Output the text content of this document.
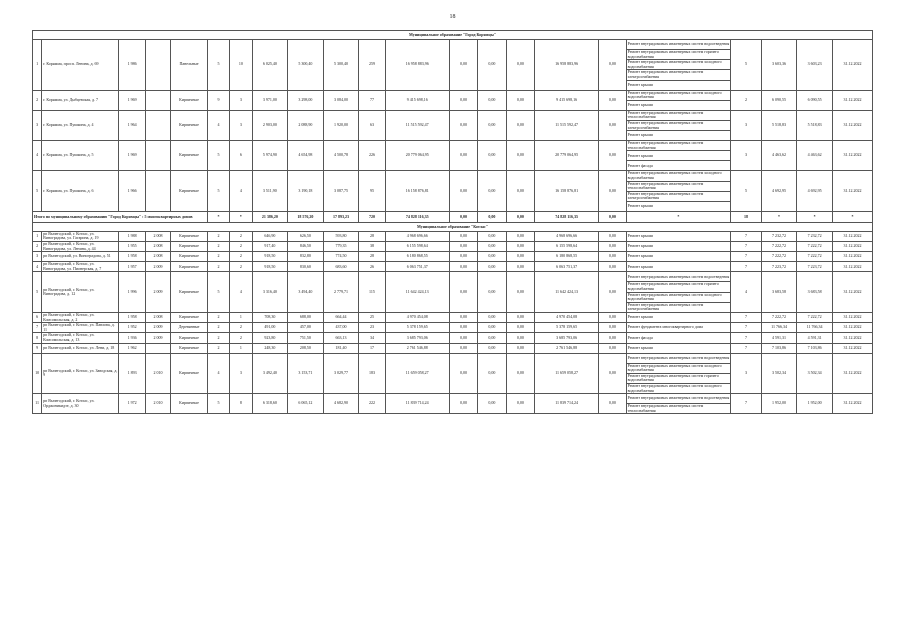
18
Муниципальное образование "Город Корямцы"																					
1	г. Коряжма, просп. Ленина, д. 69	1 986		Панельные	5	10	6 025,40	5 300,40	5 300,40	259	16 958 883,96	0,00	0,00	0,00	16 958 883,96	0,00	Ремонт внутридомовых инженерных систем водоотведения	5	3 603,36	3 603,23	31.12.2022
																	Ремонт внутридомовых инженерных систем горячего водоснабжения				
																	Ремонт внутридомовых инженерных систем холодного водоснабжения				
																	Ремонт внутридомовых инженерных систем электроснабжения				
																	Ремонт крыши				
2	г. Коряжма, ул. Дыбцевская, д. 7	1 969		Кирпичные	9	3	3 971,00	3 298,00	3 084,00	77	9 415 698,16	0,00	0,00	0,00	9 415 698,16	0,00	Ремонт внутридомовых инженерных систем холодного водоснабжения	2	6 090,55	6 090,55	31.12.2022
																	Ремонт крыши				
3	г. Коряжма, ул. Пушкина, д. 4	1 964		Кирпичные	4	3	2 903,00	2 088,90	1 920,00	63	11 515 592,47	0,00	0,00	0,00	11 515 592,47	0,00	Ремонт внутридомовых инженерных систем теплоснабжения	3	5 518,83	5 518,83	31.12.2022
																	Ремонт внутридомовых инженерных систем электроснабжения				
																	Ремонт крыши				
4	г. Коряжма, ул. Пушкина, д. 5	1 969		Кирпичные	5	6	5 974,90	4 654,98	4 500,78	226	20 779 064,95	0,00	0,00	0,00	20 779 064,95	0,00	Ремонт внутридомовых инженерных систем теплоснабжения	3	4 463,62	4 463,62	31.12.2022
																	Ремонт крыши				
																	Ремонт фасада				
5	г. Коряжма, ул. Пушкина, д. 6	1 966		Кирпичные	5	4	3 511,90	3 190,18	3 087,75	95	16 158 876,81	0,00	0,00	0,00	16 158 876,81	0,00	Ремонт внутридомовых инженерных систем холодного водоснабжения	5	4 692,95	4 692,95	31.12.2022
																	Ремонт внутридомовых инженерных систем теплоснабжения				
																	Ремонт внутридомовых инженерных систем электроснабжения				
																	Ремонт крыши				
Итого по муниципальному образованию "Город Корямцы" : 5 многоквартирных домов					*	*	21 386,20	18 576,20	17 893,23	720	74 828 116,35	0,00	0,00	0,00	74 828 116,35	0,00	*	18	*	*	*
Муниципальное образование "Котлас"																					
1	рп Вычегодский, г. Котлас, ул. Виноградова, ул. Гагарина, д. 19	1 988	2 008	Кирпичные	2	2	646,90	626,50	593,80	28	4 968 696,66	0,00	0,00	0,00	4 968 696,66	0,00	Ремонт крыши	7	7 232,72	7 232,72	31.12.2022
2	рп Вычегодский, г. Котлас, ул. Виноградова, ул. Ленина, д. 44	1 955	2 008	Кирпичные	2	2	917,40	846,50	779,35	38	6 155 598,64	0,00	0,00	0,00	6 155 598,64	0,00	Ремонт крыши	7	7 222,72	7 222,72	31.12.2022
3	рп Вычегодский, ул. Виноградова, д. 51	1 958	2 008	Кирпичные	2	2	918,50	832,80	774,50	28	6 180 868,55	0,00	0,00	0,00	6 180 868,55	0,00	Ремонт крыши	7	7 222,72	7 222,72	31.12.2022
4	рп Вычегодский, г. Котлас, ул. Виноградова, ул. Пионерская, д. 7	1 957	2 009	Кирпичные	2	2	918,50	830,60	683,60	26	6 063 751,37	0,00	0,00	0,00	6 063 751,37	0,00	Ремонт крыши	7	7 223,72	7 223,72	31.12.2022
5	рп Вычегодский, г. Котлас, ул. Виноградова, д. 12	1 996	2 009	Кирпичные	5	4	3 316,40	3 494,40	2 779,71	115	11 642 424,13	0,00	0,00	0,00	11 642 424,13	0,00	Ремонт внутридомовых инженерных систем водоотведения	4	3 683,58	3 683,58	31.12.2022
																	Ремонт внутридомовых инженерных систем горячего водоснабжения				
																	Ремонт внутридомовых инженерных систем холодного водоснабжения				
																	Ремонт внутридомовых инженерных систем электроснабжения				
6	рп Вычегодский, г. Котлас, ул. Комсомольская, д. 2	1 958	2 008	Кирпичные	2	1	708,30	688,00	664,44	25	4 970 454,08	0,00	0,00	0,00	4 970 454,08	0,00	Ремонт крыши	7	7 222,72	7 222,72	31.12.2022
7	рп Вычегодский, г. Котлас, ул. Павлова, д. 11	1 952	2 009	Деревянные	2	2	491,00	457,00	437,00	23	5 378 159,65	0,00	0,00	0,00	5 378 159,65	0,00	Ремонт фундамента многоквартирного дома	7	11 766,34	11 766,34	31.12.2022
8	рп Вычегодский, г. Котлас, ул. Комсомольская, д. 13	1 936	2 009	Кирпичные	2	2	923,80	751,50	663,13	34	3 685 793,06	0,00	0,00	0,00	3 685 793,06	0,00	Ремонт фасада	7	4 591,31	4 591,31	31.12.2022
9	рп Вычегодский, г. Котлас, ул. Лени, д. 18	1 962		Кирпичные	2	1	248,30	208,50	181,40	17	2 761 546,88	0,00	0,00	0,00	2 761 546,88	0,00	Ремонт крыши	7	7 103,86	7 103,86	31.12.2022
10	рп Вычегодский, г. Котлас, ул. Заводская, д. 9	1 893	2 010	Кирпичные	4	3	3 492,40	3 153,71	3 029,77	183	11 659 058,27	0,00	0,00	0,00	11 659 058,27	0,00	Ремонт внутридомовых инженерных систем водоотведения	3	3 502,34	3 502,34	31.12.2022
																	Ремонт внутридомовых инженерных систем холодного водоснабжения				
																	Ремонт внутридомовых инженерных систем горячего водоснабжения				
																	Ремонт внутридомовых инженерных систем холодного водоснабжения				
11	рп Вычегодский, г. Котлас, ул. Орджоникидзе, д. 30	1 972	2 010	Кирпичные	5	8	6 318,60	6 065,12	4 682,90	222	11 839 714,24	0,00	0,00	0,00	11 839 714,24	0,00	Ремонт внутридомовых инженерных систем водоотведения	7	1 952,00	1 952,00	31.12.2022
																	Ремонт внутридомовых инженерных систем теплоснабжения				
